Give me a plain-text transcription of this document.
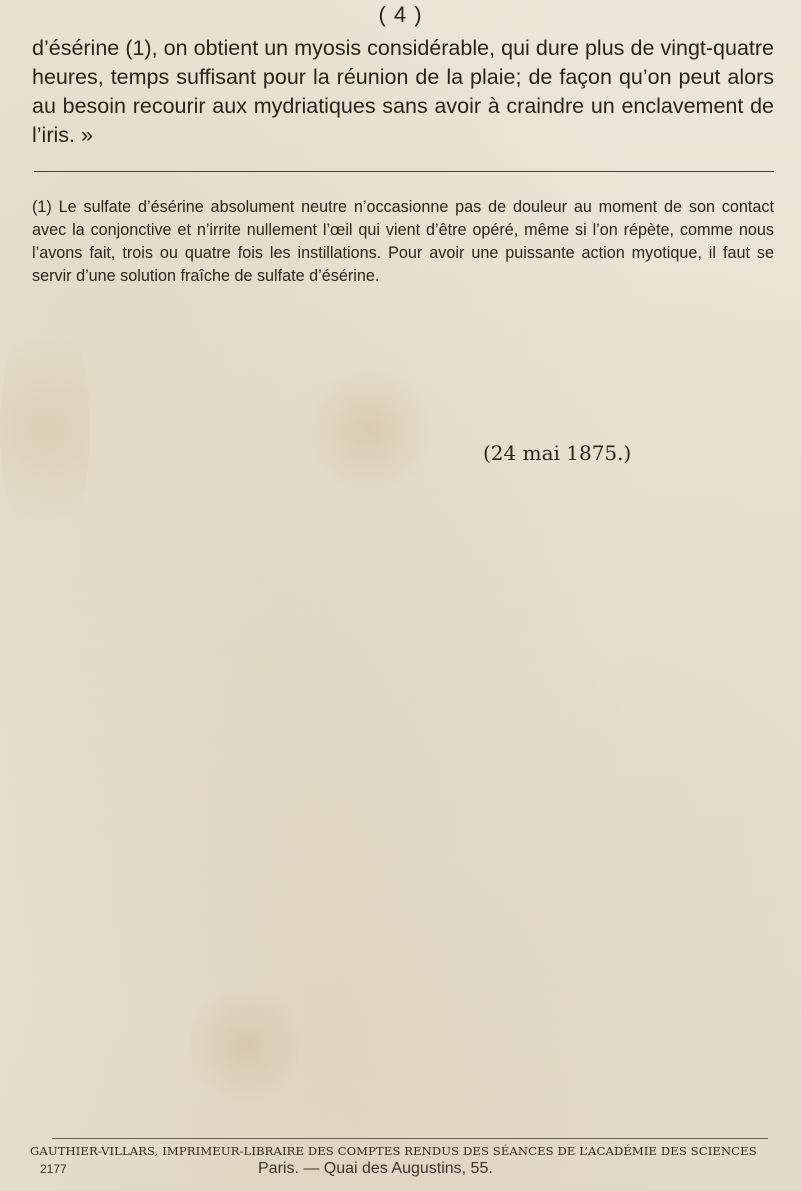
( 4 )

d’ésérine (1), on obtient un myosis considérable, qui dure plus de vingt-quatre heures, temps suffisant pour la réunion de la plaie; de façon qu’on peut alors au besoin recourir aux mydriatiques sans avoir à craindre un enclavement de l’iris. »

(1) Le sulfate d’ésérine absolument neutre n’occasionne pas de douleur au moment de son contact avec la conjonctive et n’irrite nullement l’œil qui vient d’être opéré, même si l’on répète, comme nous l’avons fait, trois ou quatre fois les instillations. Pour avoir une puissante action myotique, il faut se servir d’une solution fraîche de sulfate d’ésérine.

(24 mai 1875.)
GAUTHIER-VILLARS, IMPRIMEUR-LIBRAIRE DES COMPTES RENDUS DES SÉANCES DE L’ACADÉMIE DES SCIENCES
2177	Paris. — Quai des Augustins, 55.
